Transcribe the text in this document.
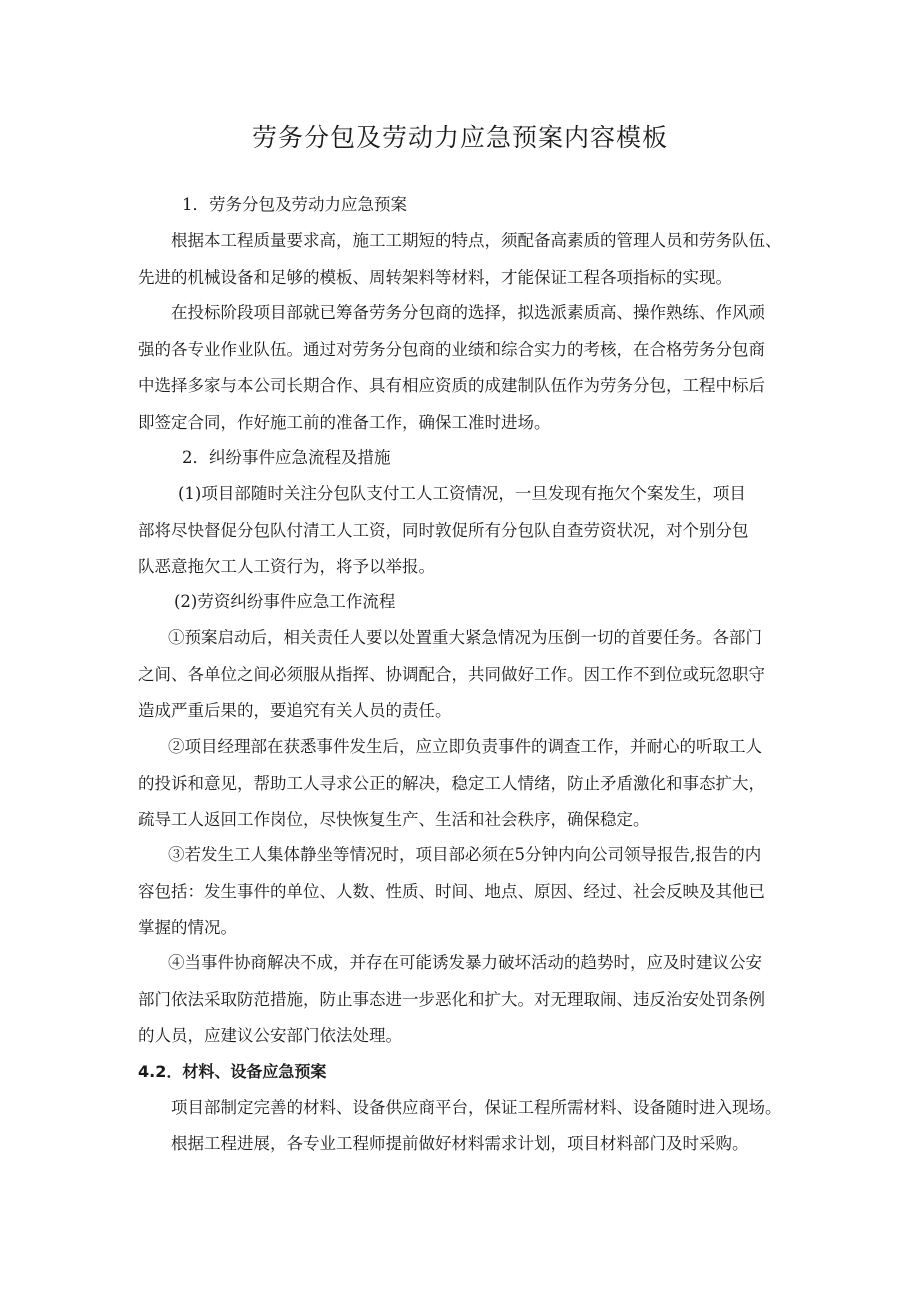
劳务分包及劳动力应急预案内容模板
1．劳务分包及劳动力应急预案
根据本工程质量要求高，施工工期短的特点，须配备高素质的管理人员和劳务队伍、
先进的机械设备和足够的模板、周转架料等材料，才能保证工程各项指标的实现。
在投标阶段项目部就已筹备劳务分包商的选择，拟选派素质高、操作熟练、作风顽
强的各专业作业队伍。通过对劳务分包商的业绩和综合实力的考核，在合格劳务分包商
中选择多家与本公司长期合作、具有相应资质的成建制队伍作为劳务分包，工程中标后
即签定合同，作好施工前的准备工作，确保工准时进场。
2．纠纷事件应急流程及措施
(1)项目部随时关注分包队支付工人工资情况，一旦发现有拖欠个案发生，项目
部将尽快督促分包队付清工人工资，同时敦促所有分包队自查劳资状况，对个别分包
队恶意拖欠工人工资行为，将予以举报。
(2)劳资纠纷事件应急工作流程
①预案启动后，相关责任人要以处置重大紧急情况为压倒一切的首要任务。各部门
之间、各单位之间必须服从指挥、协调配合，共同做好工作。因工作不到位或玩忽职守
造成严重后果的，要追究有关人员的责任。
②项目经理部在获悉事件发生后，应立即负责事件的调查工作，并耐心的听取工人
的投诉和意见，帮助工人寻求公正的解决，稳定工人情绪，防止矛盾激化和事态扩大，
疏导工人返回工作岗位，尽快恢复生产、生活和社会秩序，确保稳定。
③若发生工人集体静坐等情况时，项目部必须在5分钟内向公司领导报告,报告的内
容包括：发生事件的单位、人数、性质、时间、地点、原因、经过、社会反映及其他已
掌握的情况。
④当事件协商解决不成，并存在可能诱发暴力破坏活动的趋势时，应及时建议公安
部门依法采取防范措施，防止事态进一步恶化和扩大。对无理取闹、违反治安处罚条例
的人员，应建议公安部门依法处理。
4.2．材料、设备应急预案
项目部制定完善的材料、设备供应商平台，保证工程所需材料、设备随时进入现场。
根据工程进展，各专业工程师提前做好材料需求计划，项目材料部门及时采购。
